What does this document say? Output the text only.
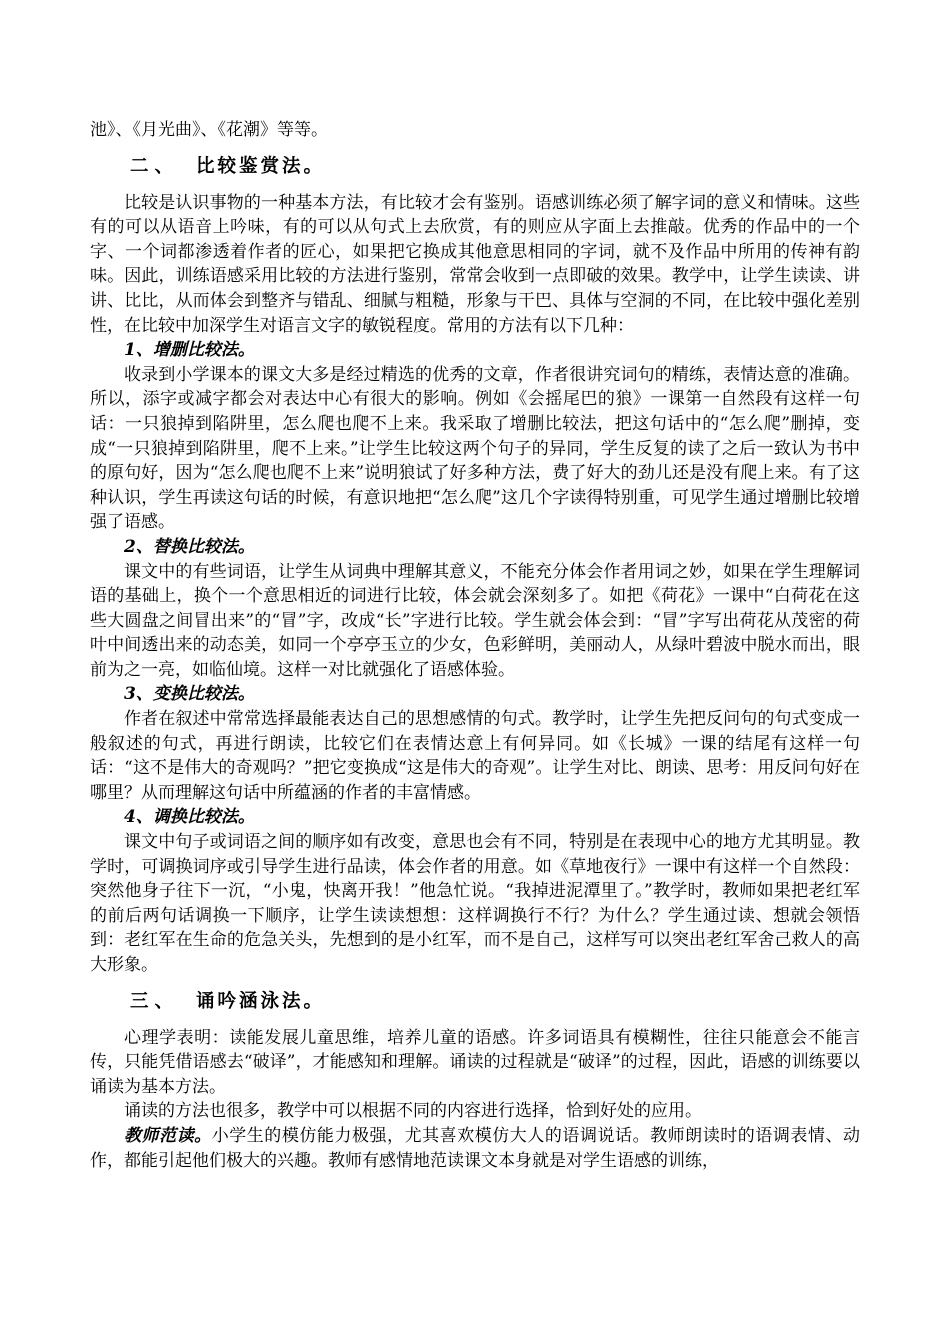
池》、《月光曲》、《花潮》等等。

二、 比较鉴赏法。

比较是认识事物的一种基本方法，有比较才会有鉴别。语感训练必须了解字词的意义和情味。这些有的可以从语音上吟味，有的可以从句式上去欣赏，有的则应从字面上去推敲。优秀的作品中的一个字、一个词都渗透着作者的匠心，如果把它换成其他意思相同的字词，就不及作品中所用的传神有韵味。因此，训练语感采用比较的方法进行鉴别，常常会收到一点即破的效果。教学中，让学生读读、讲讲、比比，从而体会到整齐与错乱、细腻与粗糙，形象与干巴、具体与空洞的不同，在比较中强化差别性，在比较中加深学生对语言文字的敏锐程度。常用的方法有以下几种：

1、增删比较法。

收录到小学课本的课文大多是经过精选的优秀的文章，作者很讲究词句的精练，表情达意的准确。所以，添字或减字都会对表达中心有很大的影响。例如《会摇尾巴的狼》一课第一自然段有这样一句话：一只狼掉到陷阱里，怎么爬也爬不上来。我采取了增删比较法，把这句话中的“怎么爬”删掉，变成“一只狼掉到陷阱里，爬不上来。”让学生比较这两个句子的异同，学生反复的读了之后一致认为书中的原句好，因为“怎么爬也爬不上来”说明狼试了好多种方法，费了好大的劲儿还是没有爬上来。有了这种认识，学生再读这句话的时候，有意识地把“怎么爬”这几个字读得特别重，可见学生通过增删比较增强了语感。

2、替换比较法。

课文中的有些词语，让学生从词典中理解其意义，不能充分体会作者用词之妙，如果在学生理解词语的基础上，换个一个意思相近的词进行比较，体会就会深刻多了。如把《荷花》一课中“白荷花在这些大圆盘之间冒出来”的“冒”字，改成“长”字进行比较。学生就会体会到：“冒”字写出荷花从茂密的荷叶中间透出来的动态美，如同一个亭亭玉立的少女，色彩鲜明，美丽动人，从绿叶碧波中脱水而出，眼前为之一亮，如临仙境。这样一对比就强化了语感体验。

3、变换比较法。

作者在叙述中常常选择最能表达自己的思想感情的句式。教学时，让学生先把反问句的句式变成一般叙述的句式，再进行朗读，比较它们在表情达意上有何异同。如《长城》一课的结尾有这样一句话：“这不是伟大的奇观吗？”把它变换成“这是伟大的奇观”。让学生对比、朗读、思考：用反问句好在哪里？从而理解这句话中所蕴涵的作者的丰富情感。

4、调换比较法。

课文中句子或词语之间的顺序如有改变，意思也会有不同，特别是在表现中心的地方尤其明显。教学时，可调换词序或引导学生进行品读，体会作者的用意。如《草地夜行》一课中有这样一个自然段：突然他身子往下一沉，“小鬼，快离开我！”他急忙说。“我掉进泥潭里了。”教学时，教师如果把老红军的前后两句话调换一下顺序，让学生读读想想：这样调换行不行？为什么？学生通过读、想就会领悟到：老红军在生命的危急关头，先想到的是小红军，而不是自己，这样写可以突出老红军舍己救人的高大形象。

三、 诵吟涵泳法。

心理学表明：读能发展儿童思维，培养儿童的语感。许多词语具有模糊性，往往只能意会不能言传，只能凭借语感去“破译”，才能感知和理解。诵读的过程就是“破译”的过程，因此，语感的训练要以诵读为基本方法。

诵读的方法也很多，教学中可以根据不同的内容进行选择，恰到好处的应用。

教师范读。小学生的模仿能力极强，尤其喜欢模仿大人的语调说话。教师朗读时的语调表情、动作，都能引起他们极大的兴趣。教师有感情地范读课文本身就是对学生语感的训练，
